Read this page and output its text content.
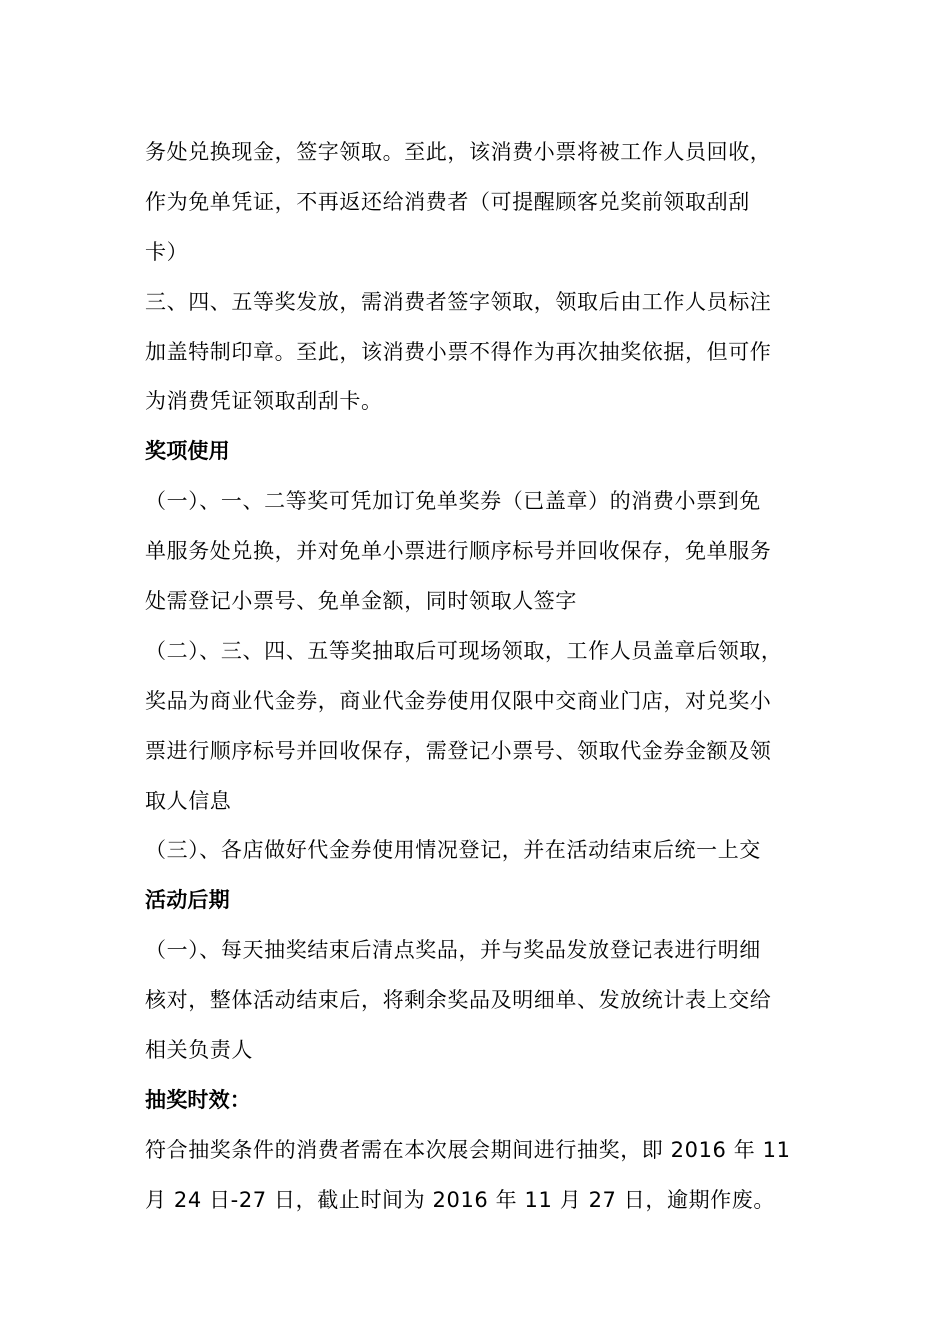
务处兑换现金，签字领取。至此，该消费小票将被工作人员回收，
作为免单凭证，不再返还给消费者（可提醒顾客兑奖前领取刮刮
卡）
三、四、五等奖发放，需消费者签字领取，领取后由工作人员标注
加盖特制印章。至此，该消费小票不得作为再次抽奖依据，但可作
为消费凭证领取刮刮卡。
奖项使用
（一）、一、二等奖可凭加订免单奖券（已盖章）的消费小票到免
单服务处兑换，并对免单小票进行顺序标号并回收保存，免单服务
处需登记小票号、免单金额，同时领取人签字
（二）、三、四、五等奖抽取后可现场领取，工作人员盖章后领取，
奖品为商业代金券，商业代金券使用仅限中交商业门店，对兑奖小
票进行顺序标号并回收保存，需登记小票号、领取代金券金额及领
取人信息
（三）、各店做好代金券使用情况登记，并在活动结束后统一上交
活动后期
（一）、每天抽奖结束后清点奖品，并与奖品发放登记表进行明细
核对，整体活动结束后，将剩余奖品及明细单、发放统计表上交给
相关负责人
抽奖时效：
符合抽奖条件的消费者需在本次展会期间进行抽奖，即 2016 年 11
月 24 日-27 日，截止时间为 2016 年 11 月 27 日，逾期作废。
